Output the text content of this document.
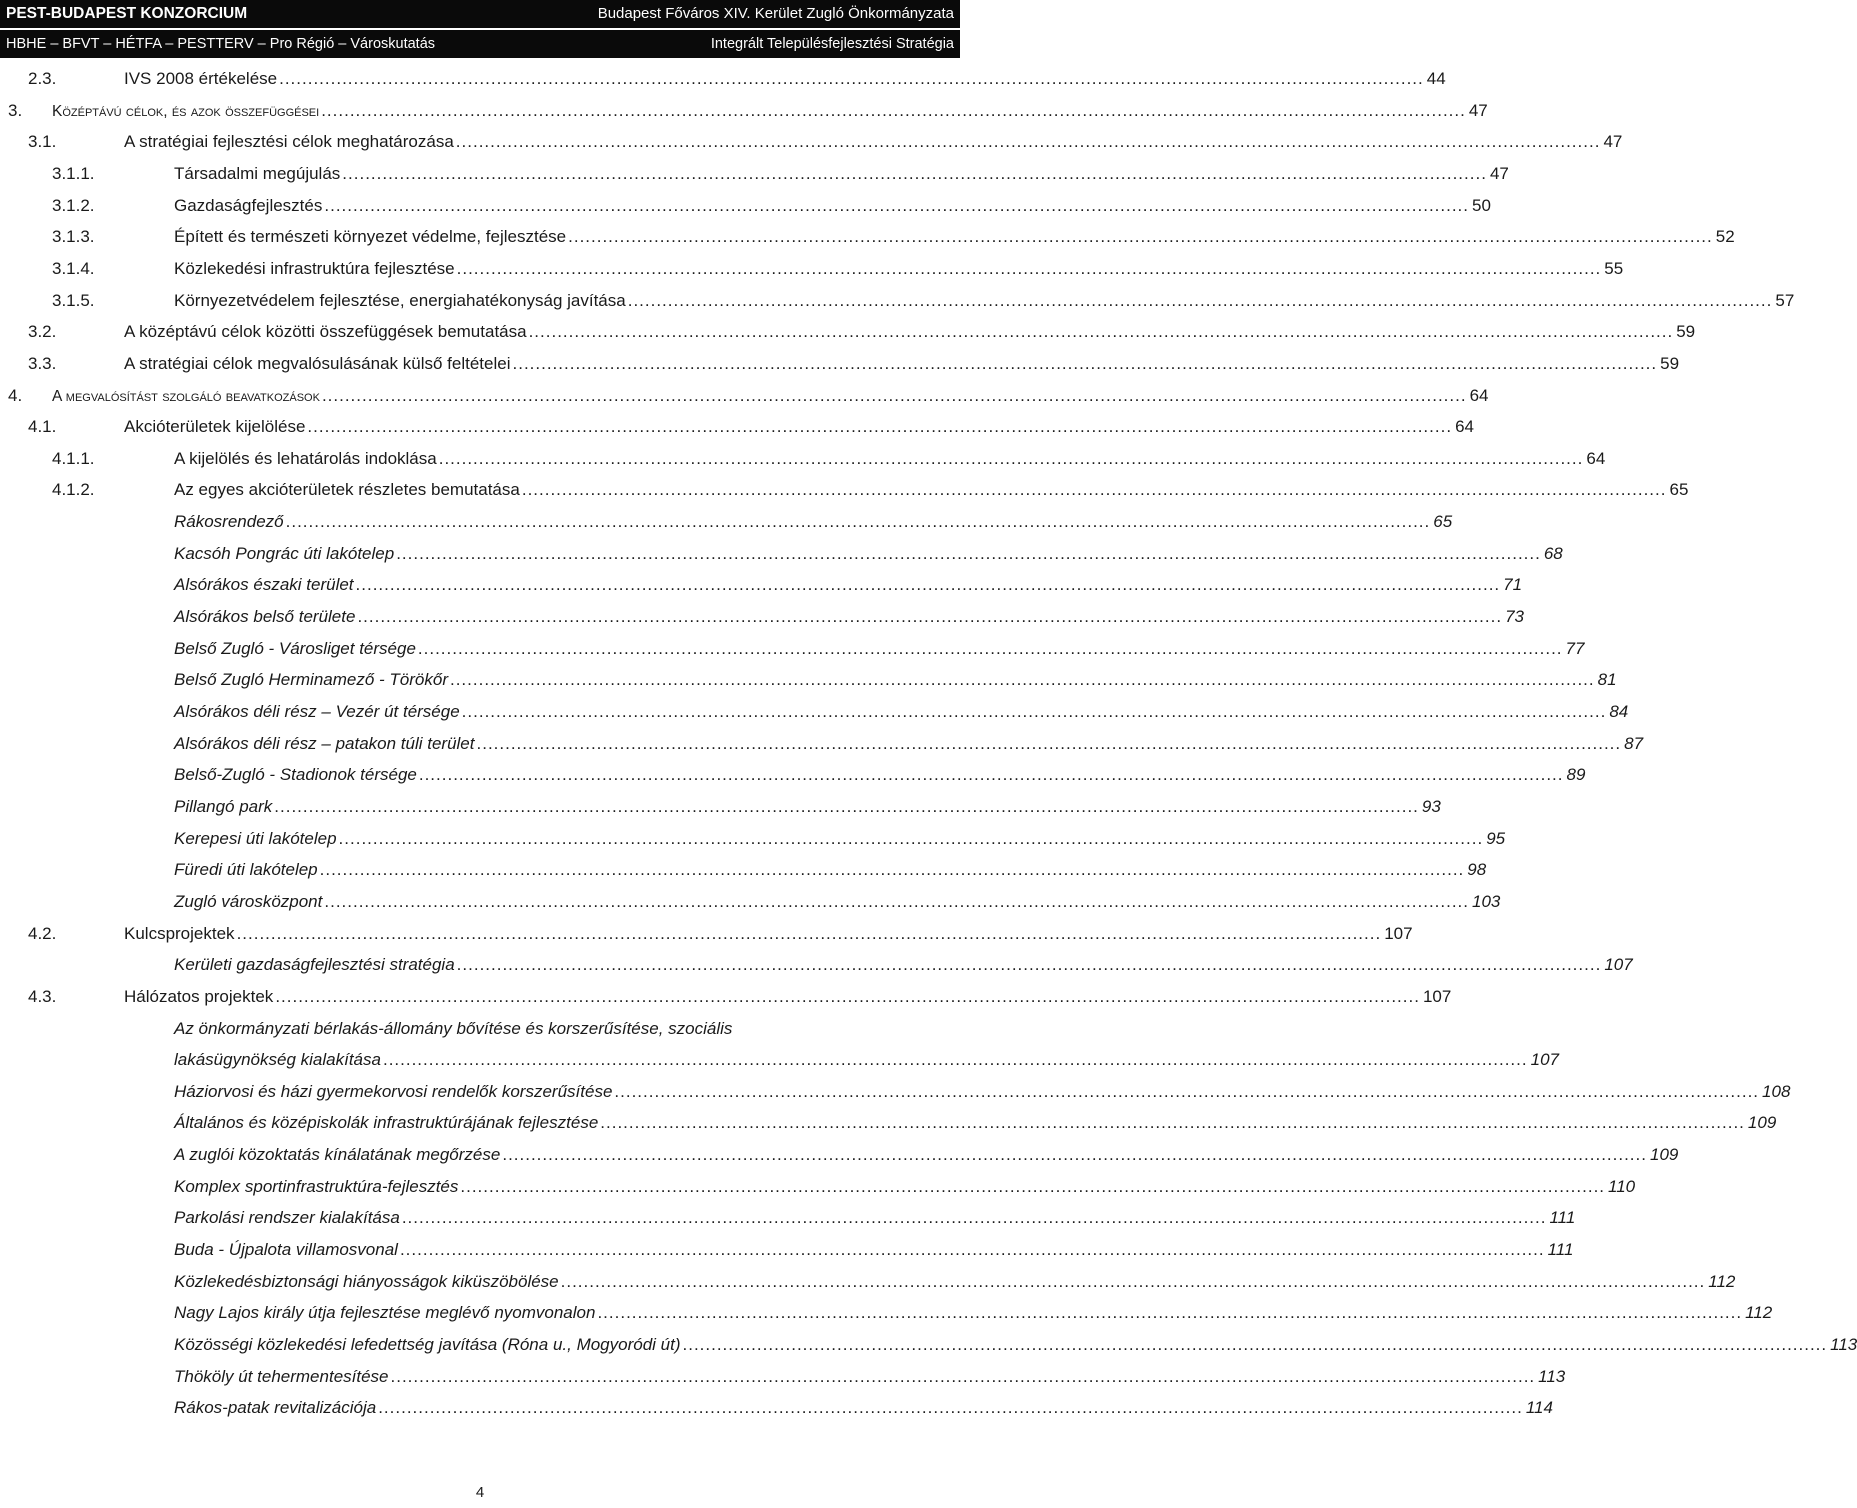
PEST-BUDAPEST KONZORCIUM	Budapest Főváros XIV. Kerület Zugló Önkormányzata
HBHE – BFVT – HÉTFA – PESTTERV – Pro Régió – Városkutatás	Integrált Településfejlesztési Stratégia
2.3.	IVS 2008 értékelése ........................................................................................................................................................................................................ 44
3. Középtávú célok, és azok összefüggései ........................................................................................................................................................................................................ 47
3.1.	A stratégiai fejlesztési célok meghatározása ........................................................................................................................................................................................................ 47
3.1.1.	Társadalmi megújulás ........................................................................................................................................................................................................ 47
3.1.2.	Gazdaságfejlesztés ........................................................................................................................................................................................................ 50
3.1.3.	Épített és természeti környezet védelme, fejlesztése ........................................................................................................................................................................................................ 52
3.1.4.	Közlekedési infrastruktúra fejlesztése ........................................................................................................................................................................................................ 55
3.1.5.	Környezetvédelem fejlesztése, energiahatékonyság javítása ........................................................................................................................................................................................................ 57
3.2.	A középtávú célok közötti összefüggések bemutatása ........................................................................................................................................................................................................ 59
3.3.	A stratégiai célok megvalósulásának külső feltételei ........................................................................................................................................................................................................ 59
4. A megvalósítást szolgáló beavatkozások ........................................................................................................................................................................................................ 64
4.1.	Akcióterületek kijelölése ........................................................................................................................................................................................................ 64
4.1.1.	A kijelölés és lehatárolás indoklása ........................................................................................................................................................................................................ 64
4.1.2.	Az egyes akcióterületek részletes bemutatása ........................................................................................................................................................................................................ 65
Rákosrendező ........................................................................................................................................................................................................ 65
Kacsóh Pongrác úti lakótelep ........................................................................................................................................................................................................ 68
Alsórákos északi terület ........................................................................................................................................................................................................ 71
Alsórákos belső területe ........................................................................................................................................................................................................ 73
Belső Zugló - Városliget térsége ........................................................................................................................................................................................................ 77
Belső Zugló Herminamező - Törökőr ........................................................................................................................................................................................................ 81
Alsórákos déli rész – Vezér út térsége ........................................................................................................................................................................................................ 84
Alsórákos déli rész – patakon túli terület ........................................................................................................................................................................................................ 87
Belső-Zugló - Stadionok térsége ........................................................................................................................................................................................................ 89
Pillangó park ........................................................................................................................................................................................................ 93
Kerepesi úti lakótelep ........................................................................................................................................................................................................ 95
Füredi úti lakótelep ........................................................................................................................................................................................................ 98
Zugló városközpont ........................................................................................................................................................................................................ 103
4.2.	Kulcsprojektek ........................................................................................................................................................................................................ 107
Kerületi gazdaságfejlesztési stratégia ........................................................................................................................................................................................................ 107
4.3.	Hálózatos projektek ........................................................................................................................................................................................................ 107
Az önkormányzati bérlakás-állomány bővítése és korszerűsítése, szociális
lakásügynökség kialakítása ........................................................................................................................................................................................................ 107
Háziorvosi és házi gyermekorvosi rendelők korszerűsítése ........................................................................................................................................................................................................ 108
Általános és középiskolák infrastruktúrájának fejlesztése ........................................................................................................................................................................................................ 109
A zuglói közoktatás kínálatának megőrzése ........................................................................................................................................................................................................ 109
Komplex sportinfrastruktúra-fejlesztés ........................................................................................................................................................................................................ 110
Parkolási rendszer kialakítása ........................................................................................................................................................................................................ 111
Buda - Újpalota villamosvonal ........................................................................................................................................................................................................ 111
Közlekedésbiztonsági hiányosságok kiküszöbölése ........................................................................................................................................................................................................ 112
Nagy Lajos király útja fejlesztése meglévő nyomvonalon ........................................................................................................................................................................................................ 112
Közösségi közlekedési lefedettség javítása (Róna u., Mogyoródi út) ........................................................................................................................................................................................................ 113
Thököly út tehermentesítése ........................................................................................................................................................................................................ 113
Rákos-patak revitalizációja ........................................................................................................................................................................................................ 114
4
